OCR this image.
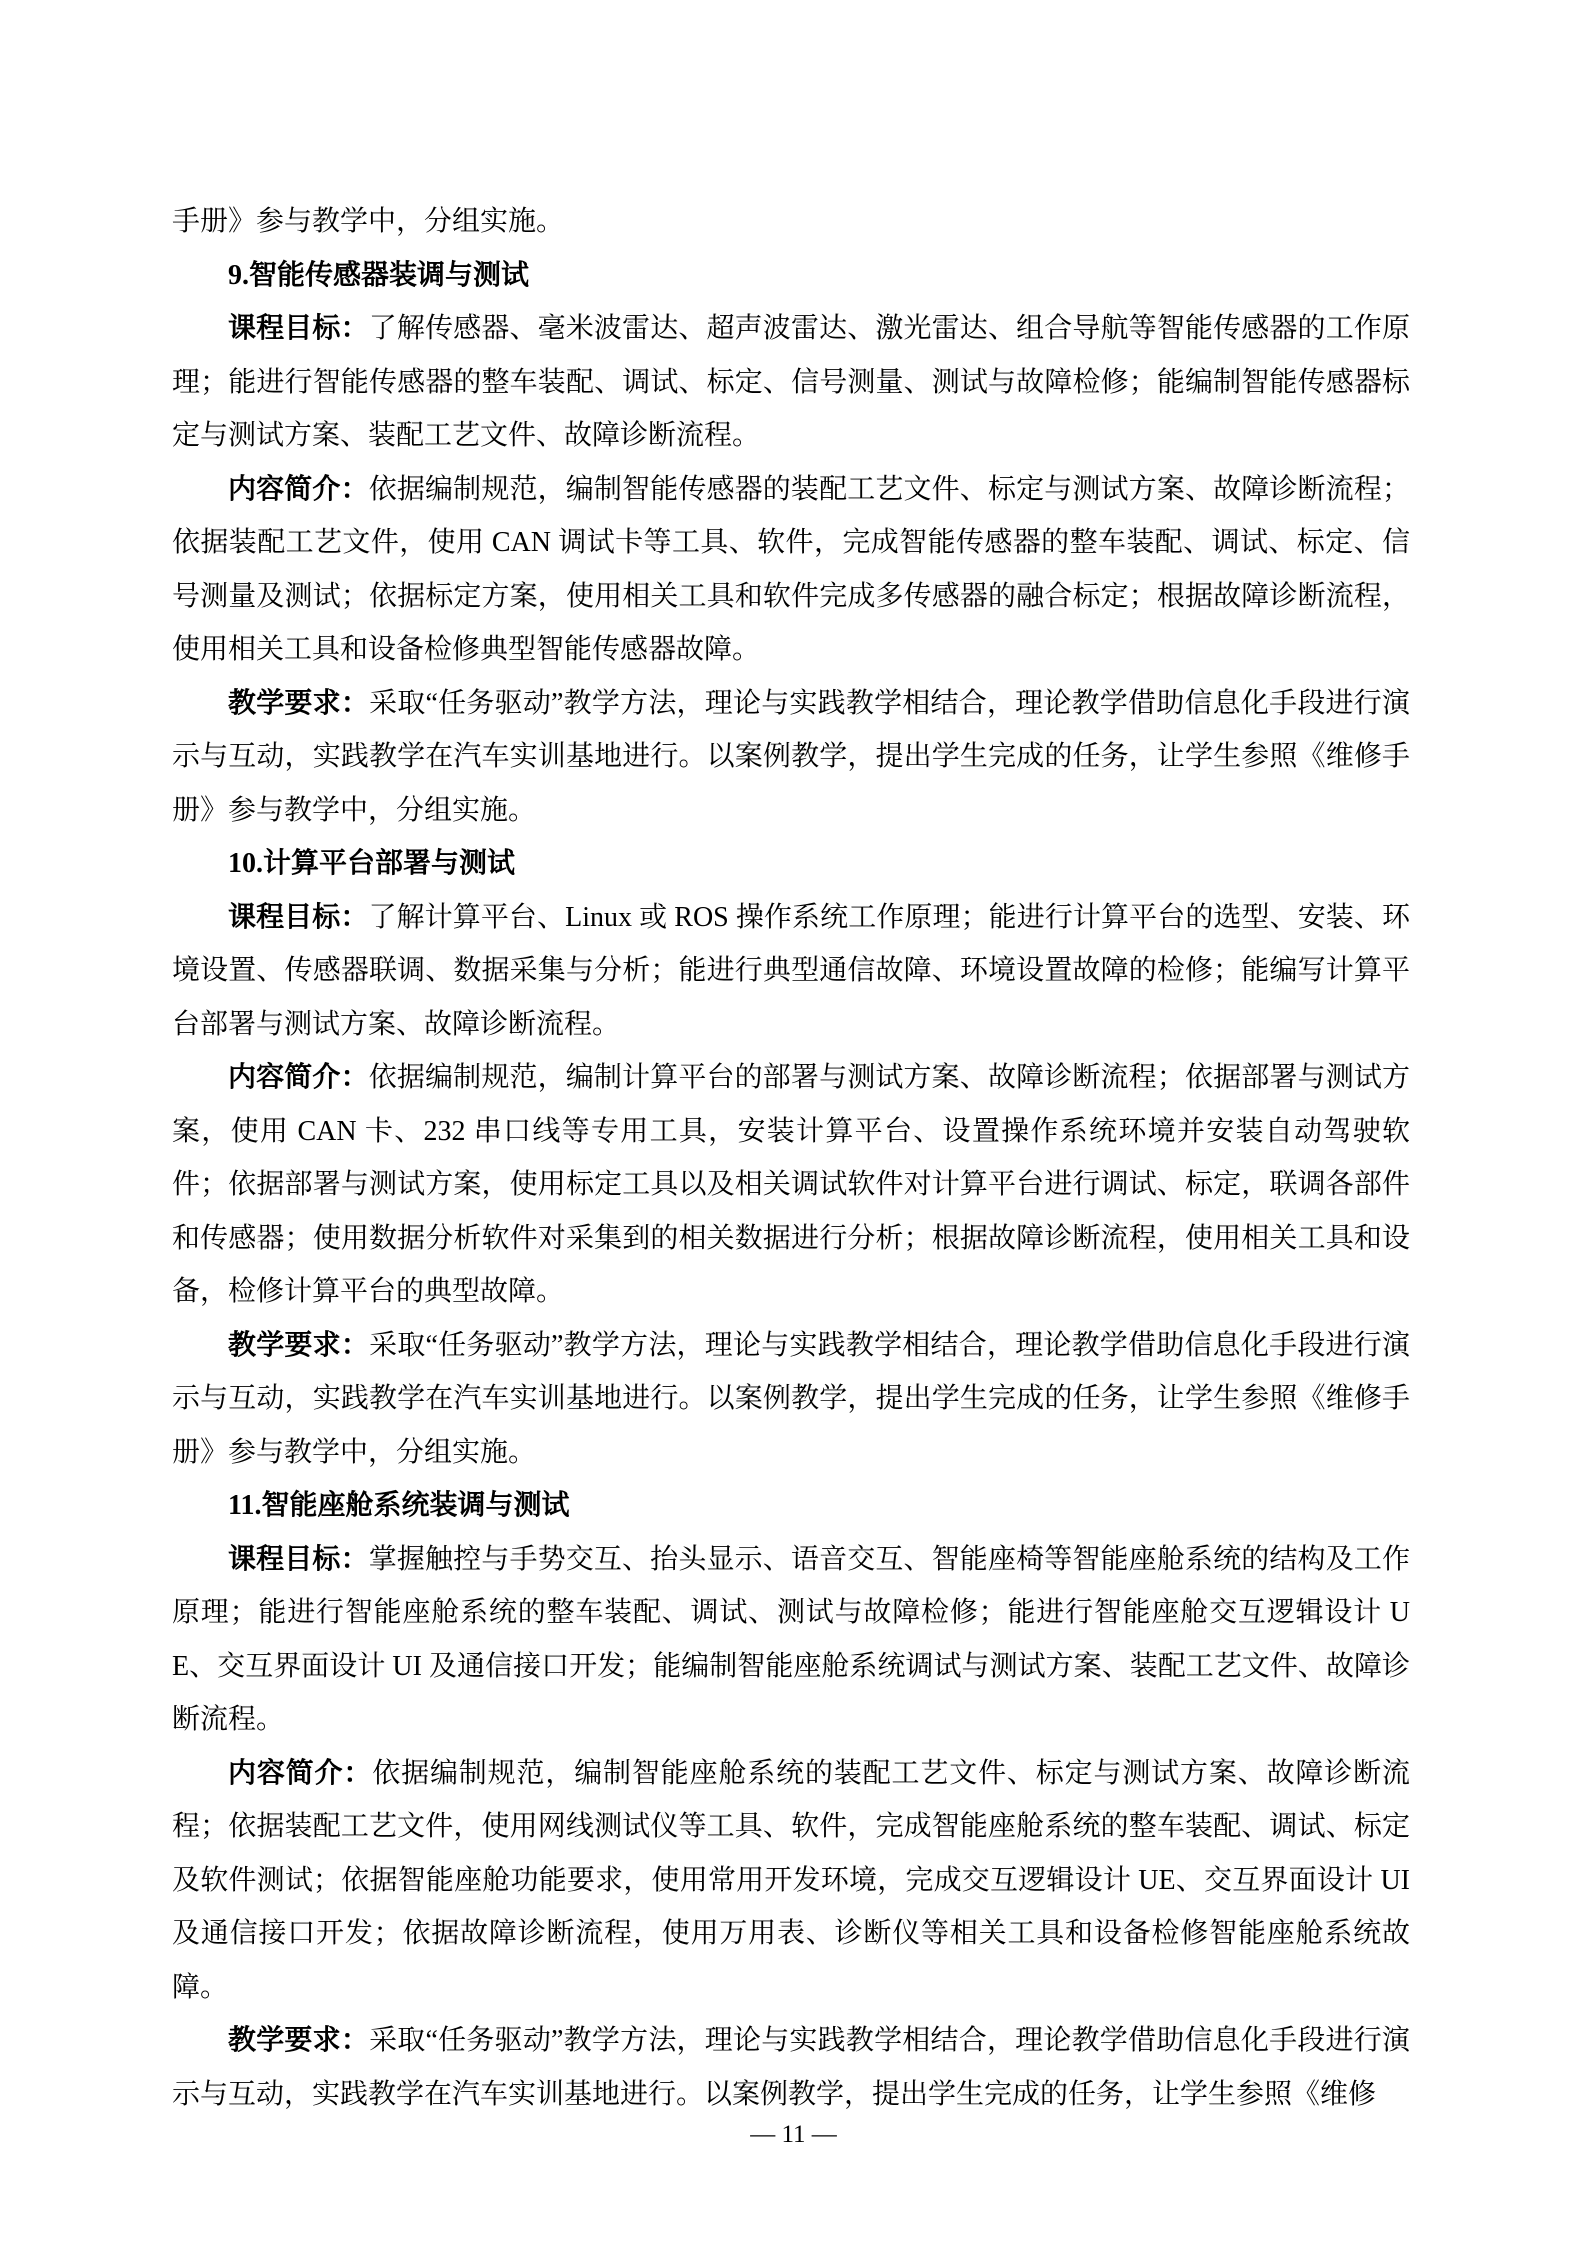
手册》参与教学中，分组实施。

9.智能传感器装调与测试

课程目标：了解传感器、毫米波雷达、超声波雷达、激光雷达、组合导航等智能传感器的工作原理；能进行智能传感器的整车装配、调试、标定、信号测量、测试与故障检修；能编制智能传感器标定与测试方案、装配工艺文件、故障诊断流程。

内容简介：依据编制规范，编制智能传感器的装配工艺文件、标定与测试方案、故障诊断流程；依据装配工艺文件，使用 CAN 调试卡等工具、软件，完成智能传感器的整车装配、调试、标定、信号测量及测试；依据标定方案，使用相关工具和软件完成多传感器的融合标定；根据故障诊断流程，使用相关工具和设备检修典型智能传感器故障。

教学要求：采取“任务驱动”教学方法，理论与实践教学相结合，理论教学借助信息化手段进行演示与互动，实践教学在汽车实训基地进行。以案例教学，提出学生完成的任务，让学生参照《维修手册》参与教学中，分组实施。

10.计算平台部署与测试

课程目标：了解计算平台、Linux 或 ROS 操作系统工作原理；能进行计算平台的选型、安装、环境设置、传感器联调、数据采集与分析；能进行典型通信故障、环境设置故障的检修；能编写计算平台部署与测试方案、故障诊断流程。

内容简介：依据编制规范，编制计算平台的部署与测试方案、故障诊断流程；依据部署与测试方案，使用 CAN 卡、232 串口线等专用工具，安装计算平台、设置操作系统环境并安装自动驾驶软件；依据部署与测试方案，使用标定工具以及相关调试软件对计算平台进行调试、标定，联调各部件和传感器；使用数据分析软件对采集到的相关数据进行分析；根据故障诊断流程，使用相关工具和设备，检修计算平台的典型故障。

教学要求：采取“任务驱动”教学方法，理论与实践教学相结合，理论教学借助信息化手段进行演示与互动，实践教学在汽车实训基地进行。以案例教学，提出学生完成的任务，让学生参照《维修手册》参与教学中，分组实施。

11.智能座舱系统装调与测试

课程目标：掌握触控与手势交互、抬头显示、语音交互、智能座椅等智能座舱系统的结构及工作原理；能进行智能座舱系统的整车装配、调试、测试与故障检修；能进行智能座舱交互逻辑设计 UE、交互界面设计 UI 及通信接口开发；能编制智能座舱系统调试与测试方案、装配工艺文件、故障诊断流程。

内容简介：依据编制规范，编制智能座舱系统的装配工艺文件、标定与测试方案、故障诊断流程；依据装配工艺文件，使用网线测试仪等工具、软件，完成智能座舱系统的整车装配、调试、标定及软件测试；依据智能座舱功能要求，使用常用开发环境，完成交互逻辑设计 UE、交互界面设计 UI 及通信接口开发；依据故障诊断流程，使用万用表、诊断仪等相关工具和设备检修智能座舱系统故障。

教学要求：采取“任务驱动”教学方法，理论与实践教学相结合，理论教学借助信息化手段进行演示与互动，实践教学在汽车实训基地进行。以案例教学，提出学生完成的任务，让学生参照《维修

— 11 —
